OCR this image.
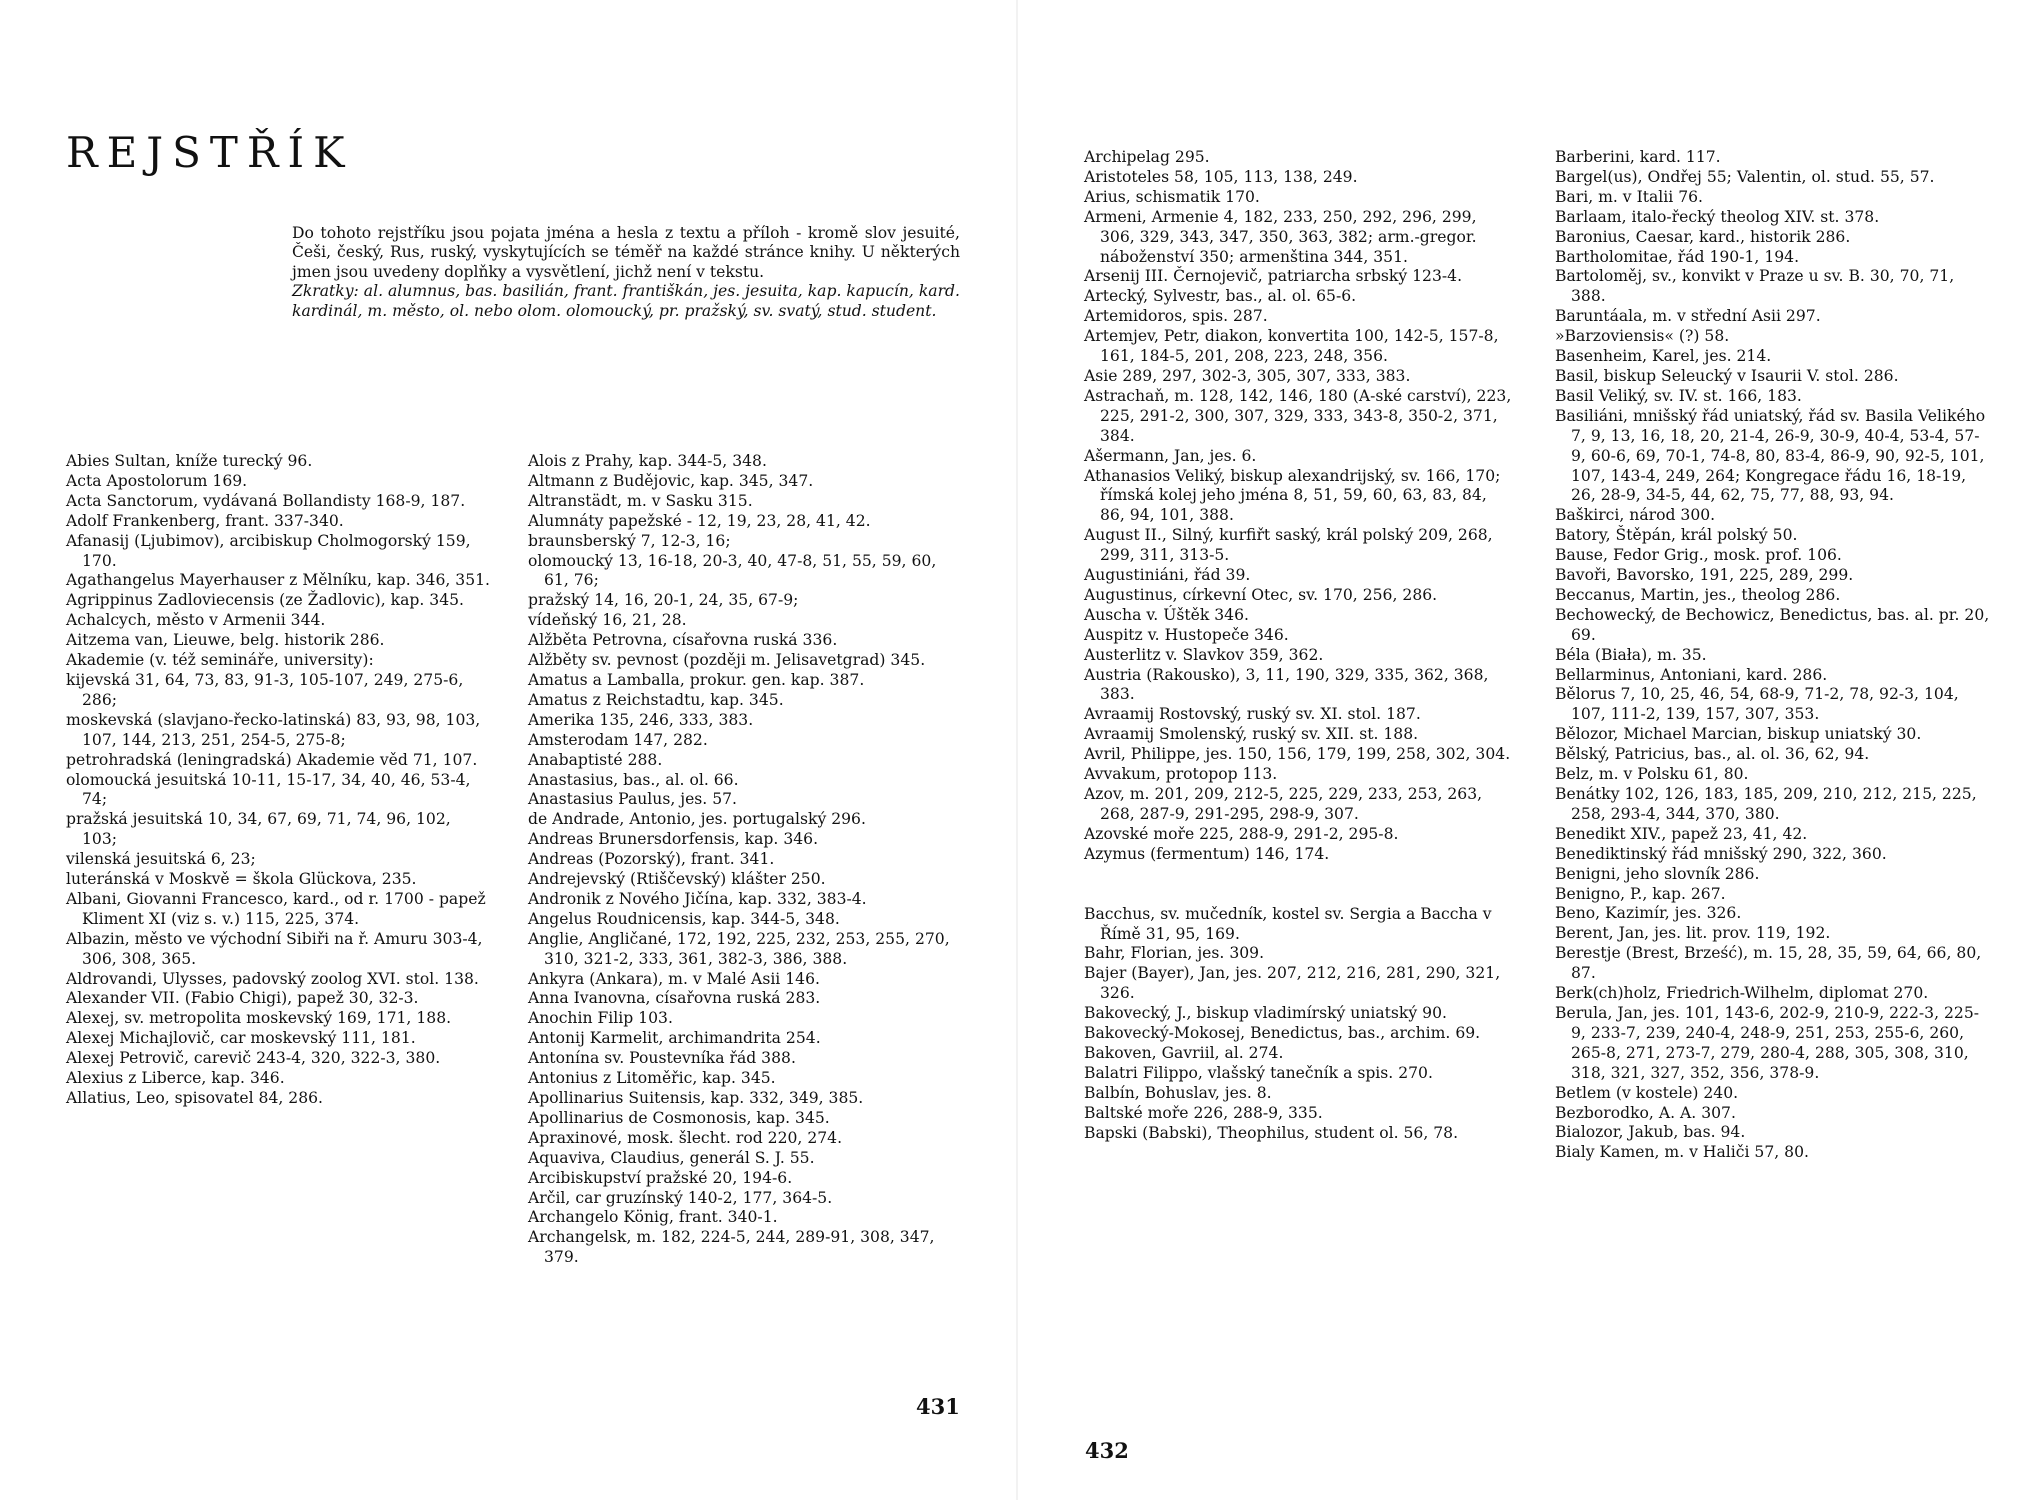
REJSTŘÍK

Do tohoto rejstříku jsou pojata jména a hesla z textu a příloh - kromě slov jesuité, Češi, český, Rus, ruský, vyskytujících se téměř na každé stránce knihy. U některých jmen jsou uvedeny doplňky a vysvětlení, jichž není v tekstu.

Zkratky: al. alumnus, bas. basilián, frant. františkán, jes. jesuita, kap. kapucín, kard. kardinál, m. město, ol. nebo olom. olomoucký, pr. pražský, sv. svatý, stud. student.

Abies Sultan, kníže turecký 96.
Acta Apostolorum 169.
Acta Sanctorum, vydávaná Bollandisty 168-9, 187.
Adolf Frankenberg, frant. 337-340.
Afanasij (Ljubimov), arcibiskup Cholmogorský 159, 170.
Agathangelus Mayerhauser z Mělníku, kap. 346, 351.
Agrippinus Zadloviecensis (ze Žadlovic), kap. 345.
Achalcych, město v Armenii 344.
Aitzema van, Lieuwe, belg. historik 286.
Akademie (v. též semináře, university):
kijevská 31, 64, 73, 83, 91-3, 105-107, 249, 275-6, 286;
moskevská (slavjano-řecko-latinská) 83, 93, 98, 103, 107, 144, 213, 251, 254-5, 275-8;
petrohradská (leningradská) Akademie věd 71, 107.
olomoucká jesuitská 10-11, 15-17, 34, 40, 46, 53-4, 74;
pražská jesuitská 10, 34, 67, 69, 71, 74, 96, 102, 103;
vilenská jesuitská 6, 23;
luteránská v Moskvě = škola Glückova, 235.
Albani, Giovanni Francesco, kard., od r. 1700 - papež Kliment XI (viz s. v.) 115, 225, 374.
Albazin, město ve východní Sibiři na ř. Amuru 303-4, 306, 308, 365.
Aldrovandi, Ulysses, padovský zoolog XVI. stol. 138.
Alexander VII. (Fabio Chigi), papež 30, 32-3.
Alexej, sv. metropolita moskevský 169, 171, 188.
Alexej Michajlovič, car moskevský 111, 181.
Alexej Petrovič, carevič 243-4, 320, 322-3, 380.
Alexius z Liberce, kap. 346.
Allatius, Leo, spisovatel 84, 286.
Alois z Prahy, kap. 344-5, 348.
Altmann z Budějovic, kap. 345, 347.
Altranstädt, m. v Sasku 315.
Alumnáty papežské - 12, 19, 23, 28, 41, 42.
braunsberský 7, 12-3, 16;
olomoucký 13, 16-18, 20-3, 40, 47-8, 51, 55, 59, 60, 61, 76;
pražský 14, 16, 20-1, 24, 35, 67-9;
vídeňský 16, 21, 28.
Alžběta Petrovna, císařovna ruská 336.
Alžběty sv. pevnost (později m. Jelisavetgrad) 345.
Amatus a Lamballa, prokur. gen. kap. 387.
Amatus z Reichstadtu, kap. 345.
Amerika 135, 246, 333, 383.
Amsterodam 147, 282.
Anabaptisté 288.
Anastasius, bas., al. ol. 66.
Anastasius Paulus, jes. 57.
de Andrade, Antonio, jes. portugalský 296.
Andreas Brunersdorfensis, kap. 346.
Andreas (Pozorský), frant. 341.
Andrejevský (Rtiščevský) klášter 250.
Andronik z Nového Jičína, kap. 332, 383-4.
Angelus Roudnicensis, kap. 344-5, 348.
Anglie, Angličané, 172, 192, 225, 232, 253, 255, 270, 310, 321-2, 333, 361, 382-3, 386, 388.
Ankyra (Ankara), m. v Malé Asii 146.
Anna Ivanovna, císařovna ruská 283.
Anochin Filip 103.
Antonij Karmelit, archimandrita 254.
Antonína sv. Poustevníka řád 388.
Antonius z Litoměřic, kap. 345.
Apollinarius Suitensis, kap. 332, 349, 385.
Apollinarius de Cosmonosis, kap. 345.
Apraxinové, mosk. šlecht. rod 220, 274.
Aquaviva, Claudius, generál S. J. 55.
Arcibiskupství pražské 20, 194-6.
Arčil, car gruzínský 140-2, 177, 364-5.
Archangelo König, frant. 340-1.
Archangelsk, m. 182, 224-5, 244, 289-91, 308, 347, 379.
431
Archipelag 295.
Aristoteles 58, 105, 113, 138, 249.
Arius, schismatik 170.
Armeni, Armenie 4, 182, 233, 250, 292, 296, 299, 306, 329, 343, 347, 350, 363, 382; arm.-gregor. náboženství 350; armenština 344, 351.
Arsenij III. Černojevič, patriarcha srbský 123-4.
Artecký, Sylvestr, bas., al. ol. 65-6.
Artemidoros, spis. 287.
Artemjev, Petr, diakon, konvertita 100, 142-5, 157-8, 161, 184-5, 201, 208, 223, 248, 356.
Asie 289, 297, 302-3, 305, 307, 333, 383.
Astrachaň, m. 128, 142, 146, 180 (A-ské carství), 223, 225, 291-2, 300, 307, 329, 333, 343-8, 350-2, 371, 384.
Ašermann, Jan, jes. 6.
Athanasios Veliký, biskup alexandrijský, sv. 166, 170; římská kolej jeho jména 8, 51, 59, 60, 63, 83, 84, 86, 94, 101, 388.
August II., Silný, kurfiřt saský, král polský 209, 268, 299, 311, 313-5.
Augustiniáni, řád 39.
Augustinus, církevní Otec, sv. 170, 256, 286.
Auscha v. Úštěk 346.
Auspitz v. Hustopeče 346.
Austerlitz v. Slavkov 359, 362.
Austria (Rakousko), 3, 11, 190, 329, 335, 362, 368, 383.
Avraamij Rostovský, ruský sv. XI. stol. 187.
Avraamij Smolenský, ruský sv. XII. st. 188.
Avril, Philippe, jes. 150, 156, 179, 199, 258, 302, 304.
Avvakum, protopop 113.
Azov, m. 201, 209, 212-5, 225, 229, 233, 253, 263, 268, 287-9, 291-295, 298-9, 307.
Azovské moře 225, 288-9, 291-2, 295-8.
Azymus (fermentum) 146, 174.
Bacchus, sv. mučedník, kostel sv. Sergia a Baccha v Římě 31, 95, 169.
Bahr, Florian, jes. 309.
Bajer (Bayer), Jan, jes. 207, 212, 216, 281, 290, 321, 326.
Bakovecký, J., biskup vladimírský uniatský 90.
Bakovecký-Mokosej, Benedictus, bas., archim. 69.
Bakoven, Gavriil, al. 274.
Balatri Filippo, vlašský tanečník a spis. 270.
Balbín, Bohuslav, jes. 8.
Baltské moře 226, 288-9, 335.
Bapski (Babski), Theophilus, student ol. 56, 78.
Barberini, kard. 117.
Bargel(us), Ondřej 55; Valentin, ol. stud. 55, 57.
Bari, m. v Italii 76.
Barlaam, italo-řecký theolog XIV. st. 378.
Baronius, Caesar, kard., historik 286.
Bartholomitae, řád 190-1, 194.
Bartoloměj, sv., konvikt v Praze u sv. B. 30, 70, 71, 388.
Baruntáala, m. v střední Asii 297.
»Barzoviensis« (?) 58.
Basenheim, Karel, jes. 214.
Basil, biskup Seleucký v Isaurii V. stol. 286.
Basil Veliký, sv. IV. st. 166, 183.
Basiliáni, mnišský řád uniatský, řád sv. Basila Velikého 7, 9, 13, 16, 18, 20, 21-4, 26-9, 30-9, 40-4, 53-4, 57-9, 60-6, 69, 70-1, 74-8, 80, 83-4, 86-9, 90, 92-5, 101, 107, 143-4, 249, 264; Kongregace řádu 16, 18-19, 26, 28-9, 34-5, 44, 62, 75, 77, 88, 93, 94.
Baškirci, národ 300.
Batory, Štěpán, král polský 50.
Bause, Fedor Grig., mosk. prof. 106.
Bavoři, Bavorsko, 191, 225, 289, 299.
Beccanus, Martin, jes., theolog 286.
Bechowecký, de Bechowicz, Benedictus, bas. al. pr. 20, 69.
Béla (Biała), m. 35.
Bellarminus, Antoniani, kard. 286.
Bělorus 7, 10, 25, 46, 54, 68-9, 71-2, 78, 92-3, 104, 107, 111-2, 139, 157, 307, 353.
Bělozor, Michael Marcian, biskup uniatský 30.
Bělský, Patricius, bas., al. ol. 36, 62, 94.
Belz, m. v Polsku 61, 80.
Benátky 102, 126, 183, 185, 209, 210, 212, 215, 225, 258, 293-4, 344, 370, 380.
Benedikt XIV., papež 23, 41, 42.
Benediktinský řád mnišský 290, 322, 360.
Benigni, jeho slovník 286.
Benigno, P., kap. 267.
Beno, Kazimír, jes. 326.
Berent, Jan, jes. lit. prov. 119, 192.
Berestje (Brest, Brześć), m. 15, 28, 35, 59, 64, 66, 80, 87.
Berk(ch)holz, Friedrich-Wilhelm, diplomat 270.
Berula, Jan, jes. 101, 143-6, 202-9, 210-9, 222-3, 225-9, 233-7, 239, 240-4, 248-9, 251, 253, 255-6, 260, 265-8, 271, 273-7, 279, 280-4, 288, 305, 308, 310, 318, 321, 327, 352, 356, 378-9.
Betlem (v kostele) 240.
Bezborodko, A. A. 307.
Bialozor, Jakub, bas. 94.
Bialy Kamen, m. v Haliči 57, 80.
432
